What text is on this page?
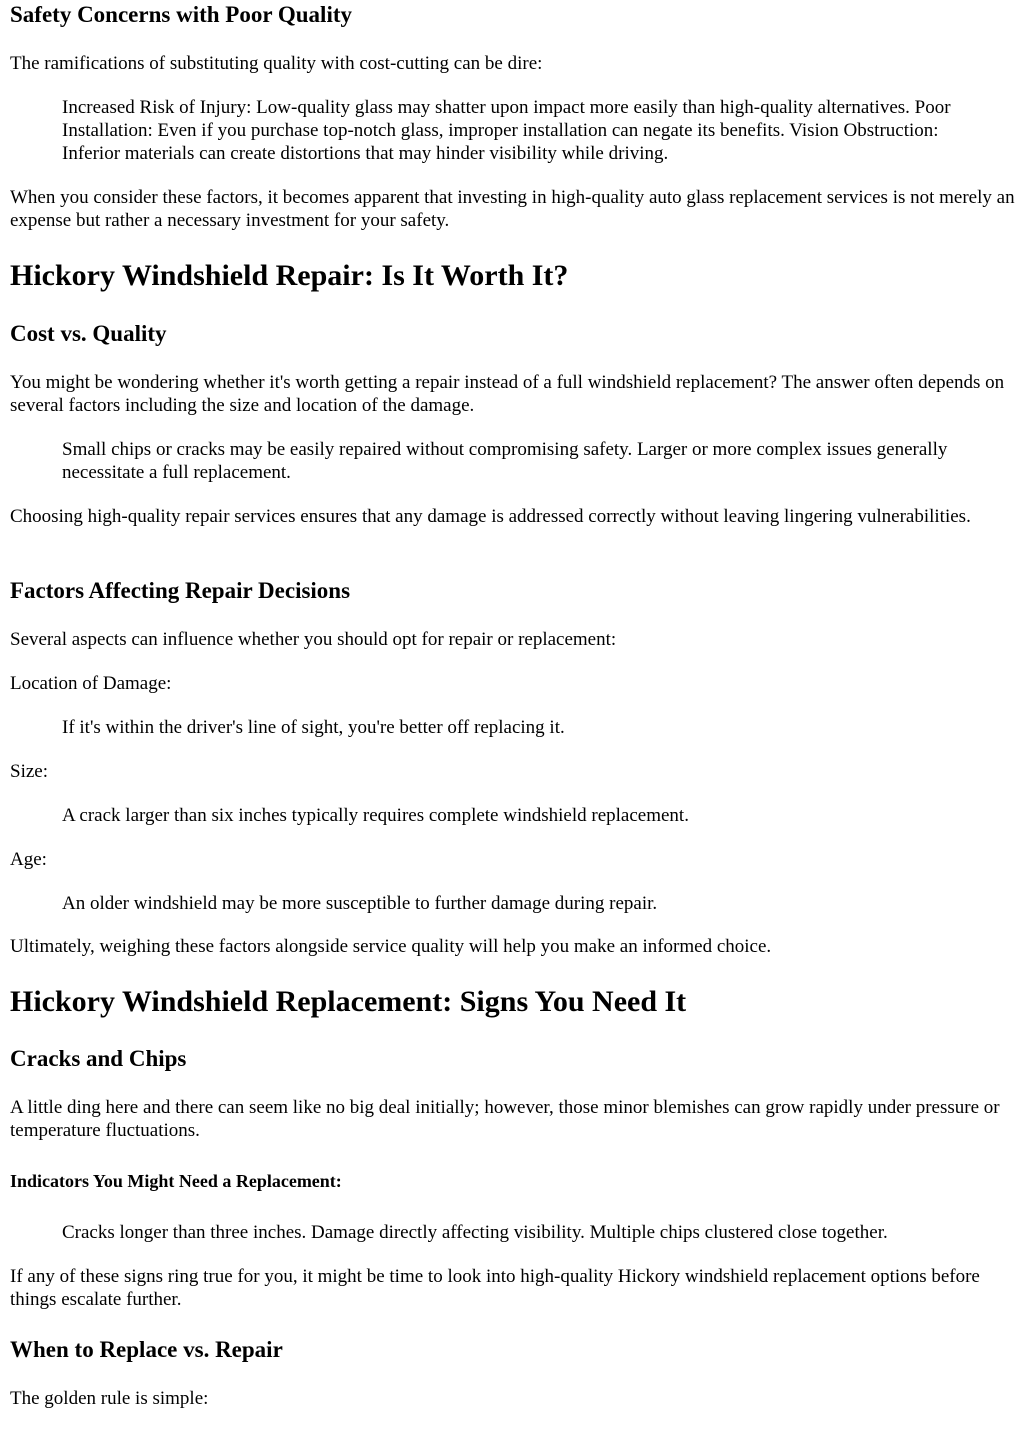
Safety Concerns with Poor Quality

The ramifications of substituting quality with cost-cutting can be dire:

Increased Risk of Injury: Low-quality glass may shatter upon impact more easily than high-quality alternatives. Poor Installation: Even if you purchase top-notch glass, improper installation can negate its benefits. Vision Obstruction: Inferior materials can create distortions that may hinder visibility while driving.

When you consider these factors, it becomes apparent that investing in high-quality auto glass replacement services is not merely an expense but rather a necessary investment for your safety.

Hickory Windshield Repair: Is It Worth It?
Cost vs. Quality

You might be wondering whether it's worth getting a repair instead of a full windshield replacement? The answer often depends on several factors including the size and location of the damage.

Small chips or cracks may be easily repaired without compromising safety. Larger or more complex issues generally necessitate a full replacement.

Choosing high-quality repair services ensures that any damage is addressed correctly without leaving lingering vulnerabilities.

Factors Affecting Repair Decisions

Several aspects can influence whether you should opt for repair or replacement:

Location of Damage:

If it's within the driver's line of sight, you're better off replacing it.

Size:

A crack larger than six inches typically requires complete windshield replacement.

Age:

An older windshield may be more susceptible to further damage during repair.

Ultimately, weighing these factors alongside service quality will help you make an informed choice.

Hickory Windshield Replacement: Signs You Need It
Cracks and Chips

A little ding here and there can seem like no big deal initially; however, those minor blemishes can grow rapidly under pressure or temperature fluctuations.

Indicators You Might Need a Replacement:

Cracks longer than three inches. Damage directly affecting visibility. Multiple chips clustered close together.

If any of these signs ring true for you, it might be time to look into high-quality Hickory windshield replacement options before things escalate further.

When to Replace vs. Repair

The golden rule is simple:
